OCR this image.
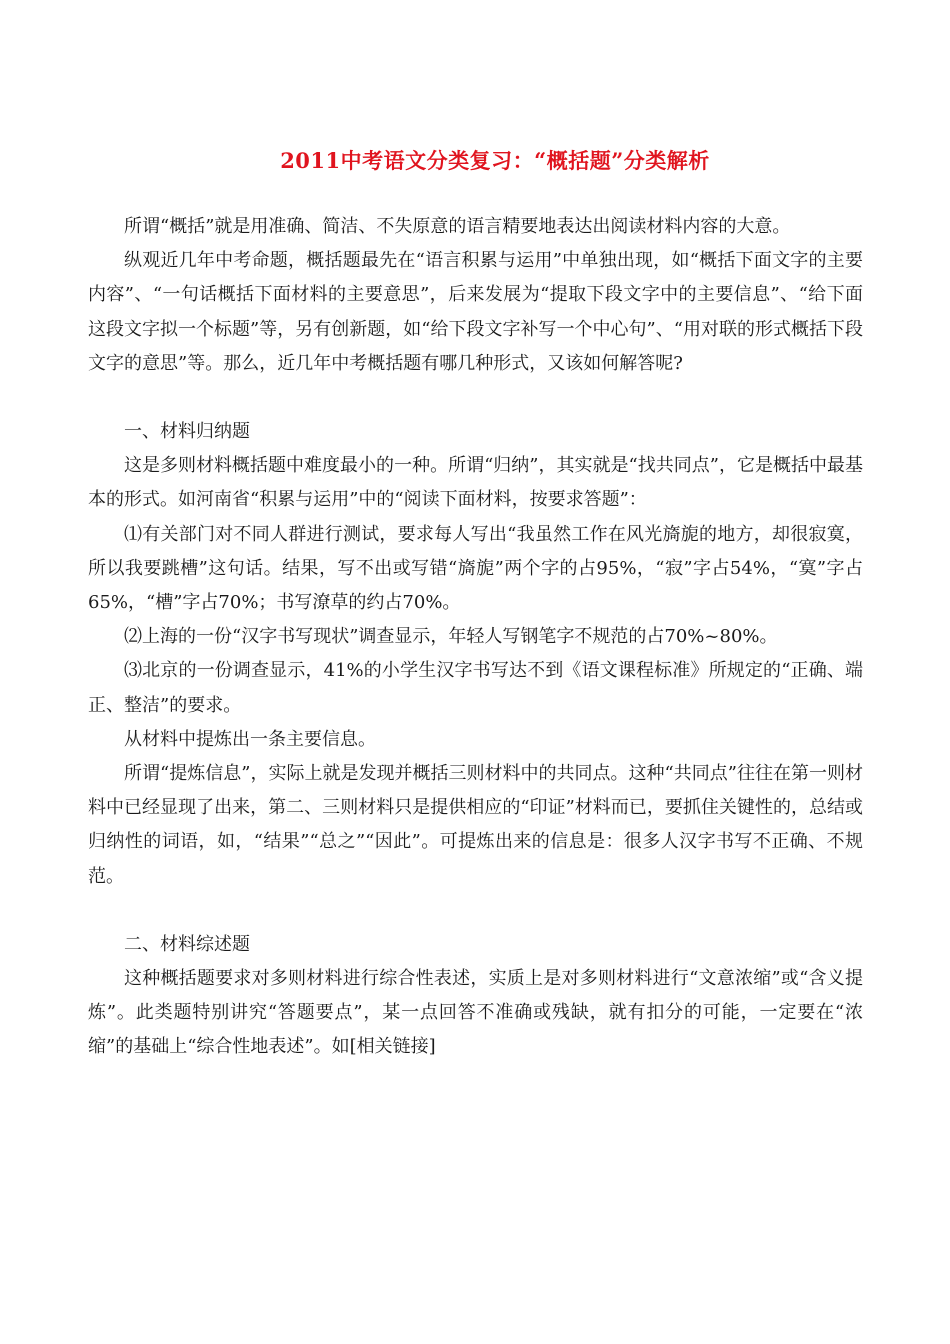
2011中考语文分类复习：“概括题”分类解析

所谓“概括”就是用准确、简洁、不失原意的语言精要地表达出阅读材料内容的大意。

纵观近几年中考命题，概括题最先在“语言积累与运用”中单独出现，如“概括下面文字的主要内容”、“一句话概括下面材料的主要意思”，后来发展为“提取下段文字中的主要信息”、“给下面这段文字拟一个标题”等，另有创新题，如“给下段文字补写一个中心句”、“用对联的形式概括下段文字的意思”等。那么，近几年中考概括题有哪几种形式，又该如何解答呢?

一、材料归纳题

这是多则材料概括题中难度最小的一种。所谓“归纳”，其实就是“找共同点”，它是概括中最基本的形式。如河南省“积累与运用”中的“阅读下面材料，按要求答题”：

⑴有关部门对不同人群进行测试，要求每人写出“我虽然工作在风光旖旎的地方，却很寂寞，所以我要跳槽”这句话。结果，写不出或写错“旖旎”两个字的占95%，“寂”字占54%，“寞”字占65%，“槽”字占70%；书写潦草的约占70%。

⑵上海的一份“汉字书写现状”调查显示，年轻人写钢笔字不规范的占70%~80%。

⑶北京的一份调查显示，41%的小学生汉字书写达不到《语文课程标准》所规定的“正确、端正、整洁”的要求。

从材料中提炼出一条主要信息。

所谓“提炼信息”，实际上就是发现并概括三则材料中的共同点。这种“共同点”往往在第一则材料中已经显现了出来，第二、三则材料只是提供相应的“印证”材料而已，要抓住关键性的，总结或归纳性的词语，如，“结果”“总之”“因此”。可提炼出来的信息是：很多人汉字书写不正确、不规范。

二、材料综述题

这种概括题要求对多则材料进行综合性表述，实质上是对多则材料进行“文意浓缩”或“含义提炼”。此类题特别讲究“答题要点”，某一点回答不准确或残缺，就有扣分的可能，一定要在“浓缩”的基础上“综合性地表述”。如[相关链接]
